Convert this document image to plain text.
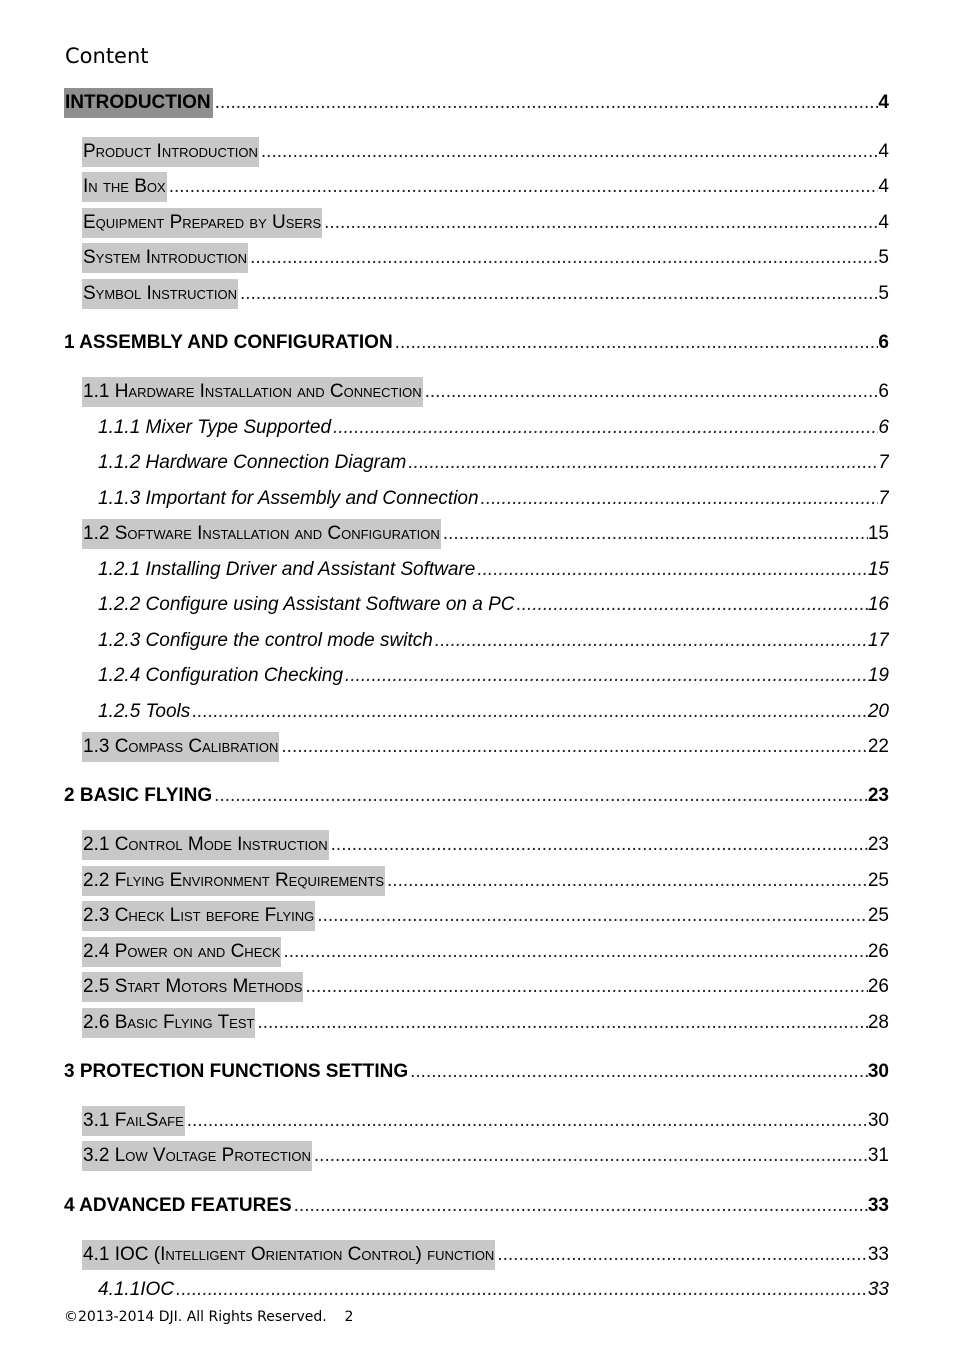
Content
INTRODUCTION .....	4
Product Introduction .....	4
In the Box .....	4
Equipment Prepared by Users .....	4
System Introduction .....	5
Symbol Instruction .....	5
1 ASSEMBLY AND CONFIGURATION .....	6
1.1 Hardware Installation and Connection .....	6
1.1.1 Mixer Type Supported .....	6
1.1.2 Hardware Connection Diagram .....	7
1.1.3 Important for Assembly and Connection .....	7
1.2 Software Installation and Configuration .....	15
1.2.1 Installing Driver and Assistant Software .....	15
1.2.2 Configure using Assistant Software on a PC .....	16
1.2.3 Configure the control mode switch .....	17
1.2.4 Configuration Checking .....	19
1.2.5 Tools .....	20
1.3 Compass Calibration .....	22
2 BASIC FLYING .....	23
2.1 Control Mode Instruction .....	23
2.2 Flying Environment Requirements .....	25
2.3 Check List before Flying .....	25
2.4 Power on and Check .....	26
2.5 Start Motors Methods .....	26
2.6 Basic Flying Test .....	28
3 PROTECTION FUNCTIONS SETTING .....	30
3.1 FailSafe .....	30
3.2 Low Voltage Protection .....	31
4 ADVANCED FEATURES .....	33
4.1 IOC (Intelligent Orientation Control) function .....	33
4.1.1IOC .....	33
©2013-2014 DJI. All Rights Reserved.    2
